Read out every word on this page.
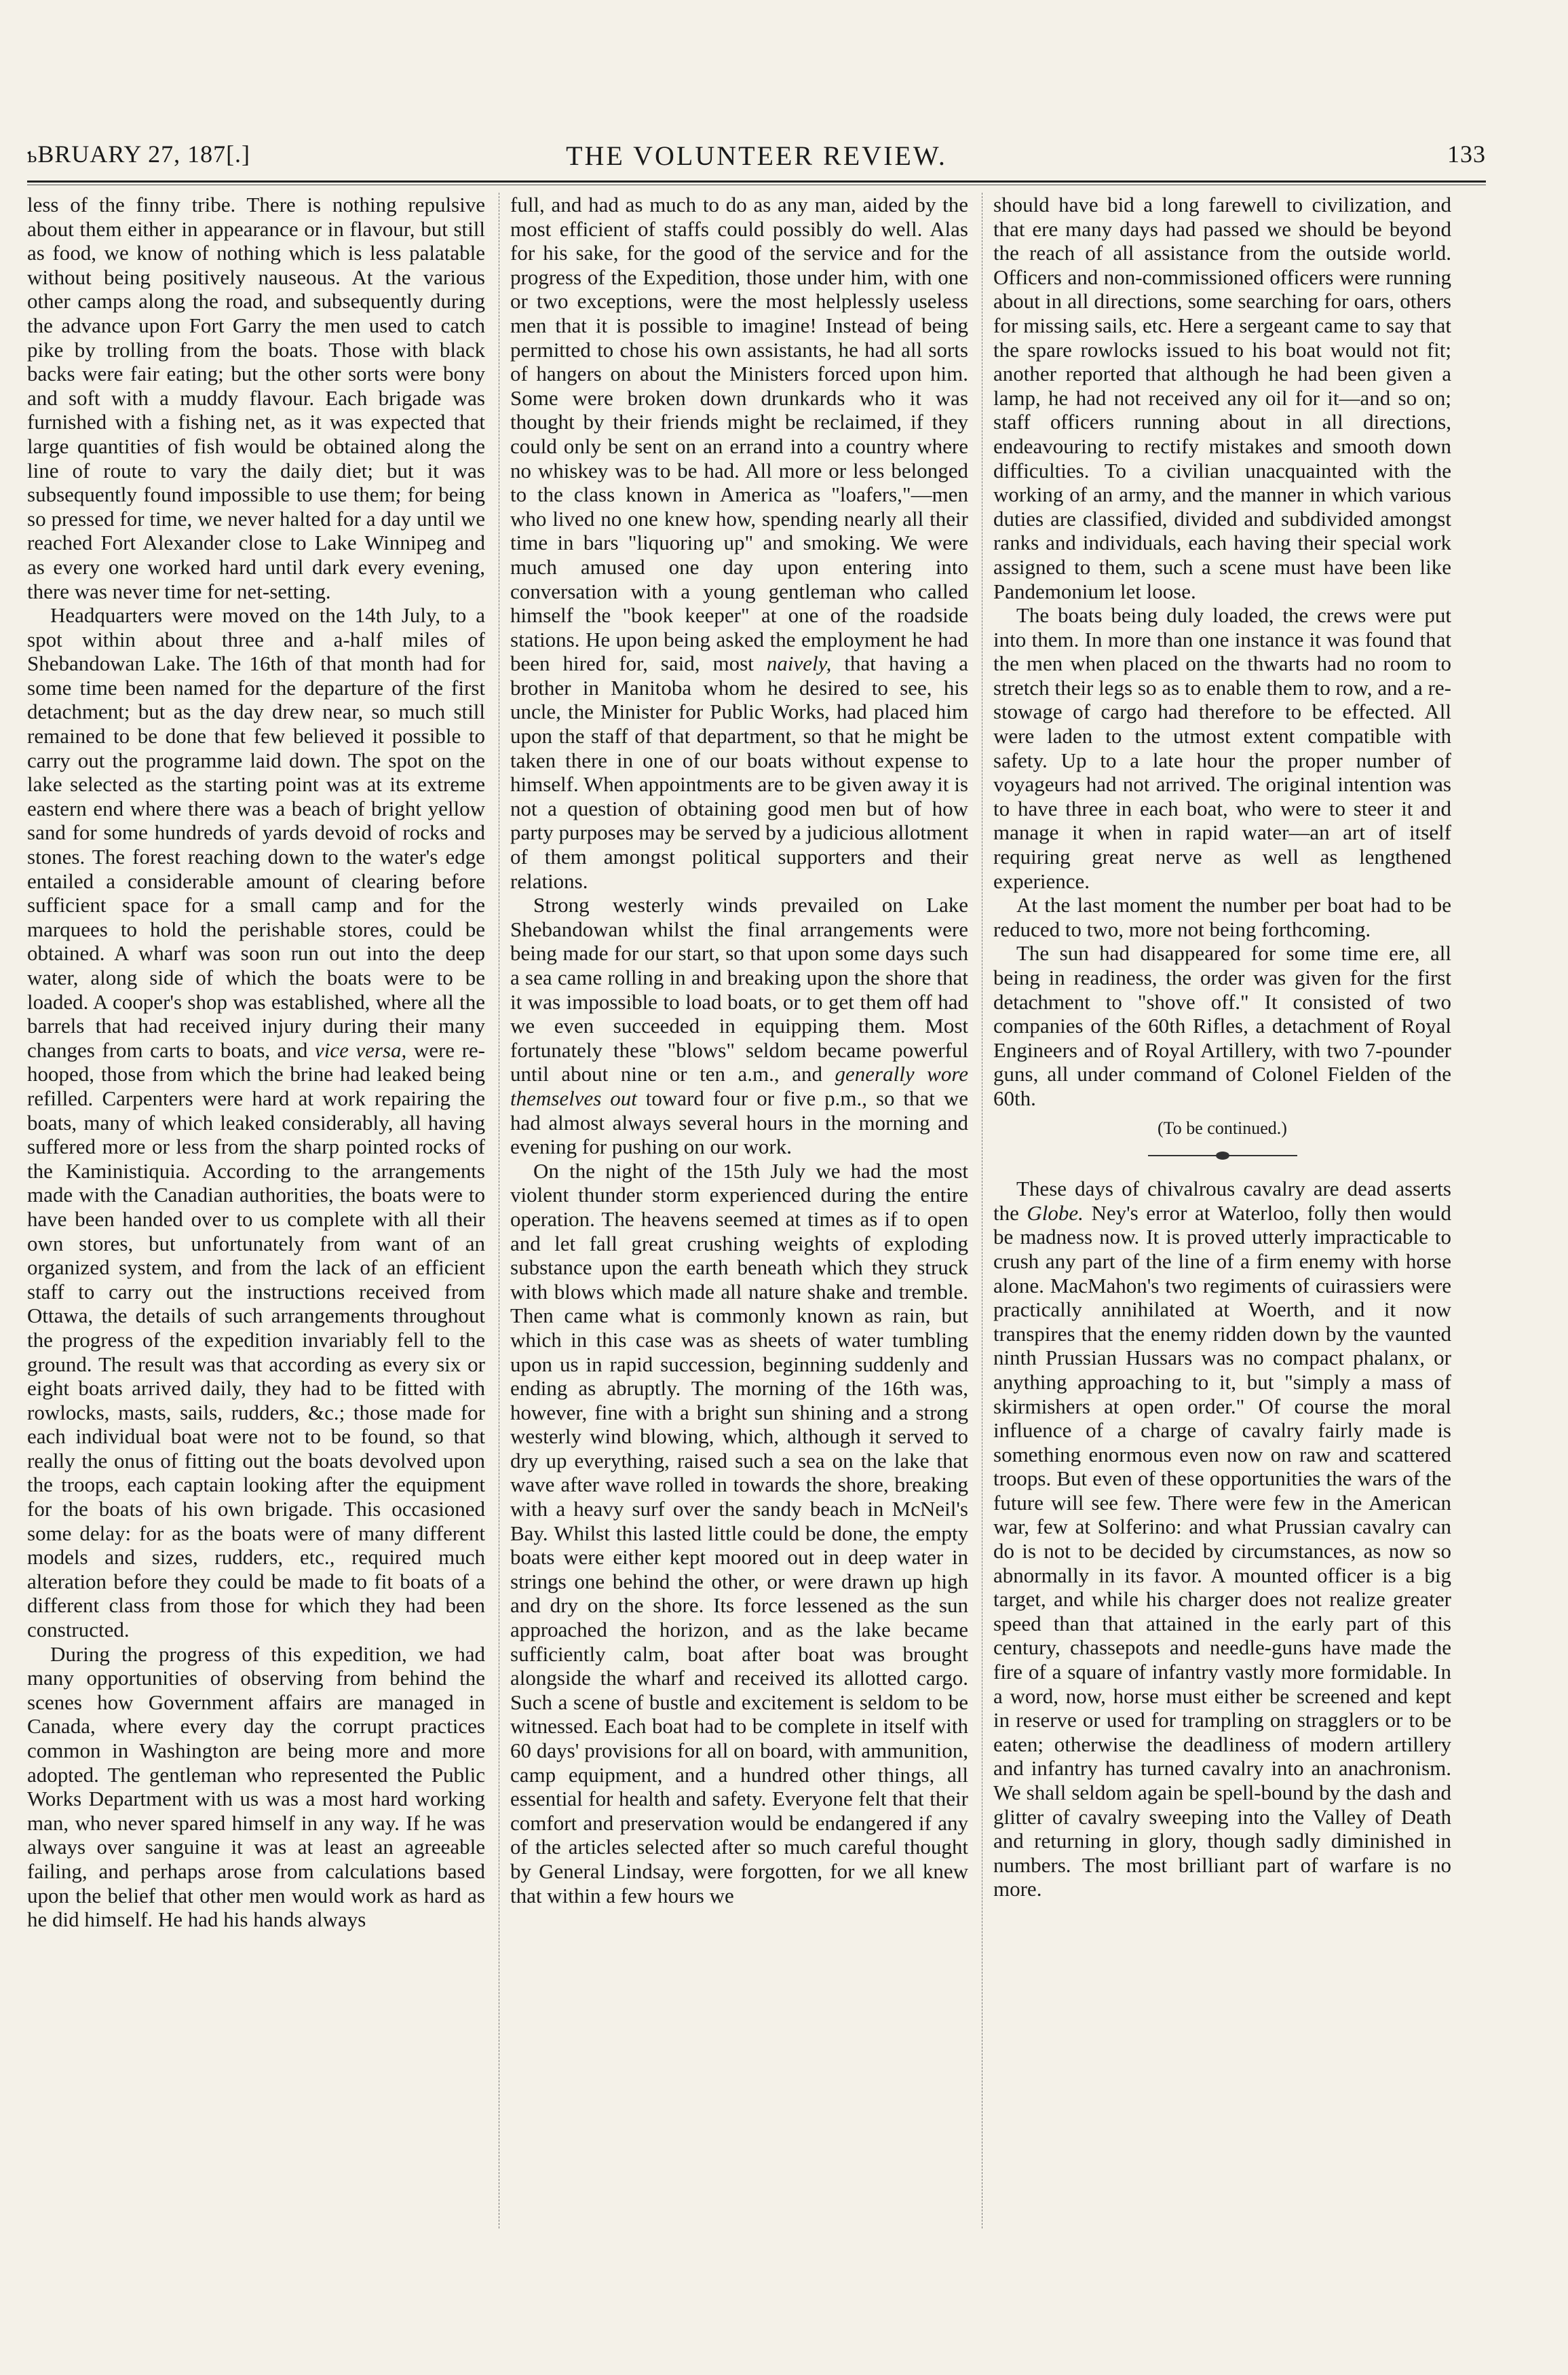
ƅBRUARY 27, 187[.]	THE VOLUNTEER REVIEW.	133

less of the finny tribe. There is nothing repulsive about them either in appearance or in flavour, but still as food, we know of nothing which is less palatable without being positively nauseous. At the various other camps along the road, and subsequently during the advance upon Fort Garry the men used to catch pike by trolling from the boats. Those with black backs were fair eating; but the other sorts were bony and soft with a muddy flavour. Each brigade was furnished with a fishing net, as it was expected that large quantities of fish would be obtained along the line of route to vary the daily diet; but it was subsequently found impossible to use them; for being so pressed for time, we never halted for a day until we reached Fort Alexander close to Lake Winnipeg and as every one worked hard until dark every evening, there was never time for net-setting.

Headquarters were moved on the 14th July, to a spot within about three and a-half miles of Shebandowan Lake. The 16th of that month had for some time been named for the departure of the first detachment; but as the day drew near, so much still remained to be done that few believed it possible to carry out the programme laid down. The spot on the lake selected as the starting point was at its extreme eastern end where there was a beach of bright yellow sand for some hundreds of yards devoid of rocks and stones. The forest reaching down to the water's edge entailed a considerable amount of clearing before sufficient space for a small camp and for the marquees to hold the perishable stores, could be obtained. A wharf was soon run out into the deep water, along side of which the boats were to be loaded. A cooper's shop was established, where all the barrels that had received injury during their many changes from carts to boats, and vice versa, were re-hooped, those from which the brine had leaked being refilled. Carpenters were hard at work repairing the boats, many of which leaked considerably, all having suffered more or less from the sharp pointed rocks of the Kaministiquia. According to the arrangements made with the Canadian authorities, the boats were to have been handed over to us complete with all their own stores, but unfortunately from want of an organized system, and from the lack of an efficient staff to carry out the instructions received from Ottawa, the details of such arrangements throughout the progress of the expedition invariably fell to the ground. The result was that according as every six or eight boats arrived daily, they had to be fitted with rowlocks, masts, sails, rudders, &c.; those made for each individual boat were not to be found, so that really the onus of fitting out the boats devolved upon the troops, each captain looking after the equipment for the boats of his own brigade. This occasioned some delay: for as the boats were of many different models and sizes, rudders, etc., required much alteration before they could be made to fit boats of a different class from those for which they had been constructed.

During the progress of this expedition, we had many opportunities of observing from behind the scenes how Government affairs are managed in Canada, where every day the corrupt practices common in Washington are being more and more adopted. The gentleman who represented the Public Works Department with us was a most hard working man, who never spared himself in any way. If he was always over sanguine it was at least an agreeable failing, and perhaps arose from calculations based upon the belief that other men would work as hard as he did himself. He had his hands always

full, and had as much to do as any man, aided by the most efficient of staffs could possibly do well. Alas for his sake, for the good of the service and for the progress of the Expedition, those under him, with one or two exceptions, were the most helplessly useless men that it is possible to imagine! Instead of being permitted to chose his own assistants, he had all sorts of hangers on about the Ministers forced upon him. Some were broken down drunkards who it was thought by their friends might be reclaimed, if they could only be sent on an errand into a country where no whiskey was to be had. All more or less belonged to the class known in America as "loafers,"—men who lived no one knew how, spending nearly all their time in bars "liquoring up" and smoking. We were much amused one day upon entering into conversation with a young gentleman who called himself the "book keeper" at one of the roadside stations. He upon being asked the employment he had been hired for, said, most naively, that having a brother in Manitoba whom he desired to see, his uncle, the Minister for Public Works, had placed him upon the staff of that department, so that he might be taken there in one of our boats without expense to himself. When appointments are to be given away it is not a question of obtaining good men but of how party purposes may be served by a judicious allotment of them amongst political supporters and their relations.

Strong westerly winds prevailed on Lake Shebandowan whilst the final arrangements were being made for our start, so that upon some days such a sea came rolling in and breaking upon the shore that it was impossible to load boats, or to get them off had we even succeeded in equipping them. Most fortunately these "blows" seldom became powerful until about nine or ten a.m., and generally wore themselves out toward four or five p.m., so that we had almost always several hours in the morning and evening for pushing on our work.

On the night of the 15th July we had the most violent thunder storm experienced during the entire operation. The heavens seemed at times as if to open and let fall great crushing weights of exploding substance upon the earth beneath which they struck with blows which made all nature shake and tremble. Then came what is commonly known as rain, but which in this case was as sheets of water tumbling upon us in rapid succession, beginning suddenly and ending as abruptly. The morning of the 16th was, however, fine with a bright sun shining and a strong westerly wind blowing, which, although it served to dry up everything, raised such a sea on the lake that wave after wave rolled in towards the shore, breaking with a heavy surf over the sandy beach in McNeil's Bay. Whilst this lasted little could be done, the empty boats were either kept moored out in deep water in strings one behind the other, or were drawn up high and dry on the shore. Its force lessened as the sun approached the horizon, and as the lake became sufficiently calm, boat after boat was brought alongside the wharf and received its allotted cargo. Such a scene of bustle and excitement is seldom to be witnessed. Each boat had to be complete in itself with 60 days' provisions for all on board, with ammunition, camp equipment, and a hundred other things, all essential for health and safety. Everyone felt that their comfort and preservation would be endangered if any of the articles selected after so much careful thought by General Lindsay, were forgotten, for we all knew that within a few hours we

should have bid a long farewell to civilization, and that ere many days had passed we should be beyond the reach of all assistance from the outside world. Officers and non-commissioned officers were running about in all directions, some searching for oars, others for missing sails, etc. Here a sergeant came to say that the spare rowlocks issued to his boat would not fit; another reported that although he had been given a lamp, he had not received any oil for it—and so on; staff officers running about in all directions, endeavouring to rectify mistakes and smooth down difficulties. To a civilian unacquainted with the working of an army, and the manner in which various duties are classified, divided and subdivided amongst ranks and individuals, each having their special work assigned to them, such a scene must have been like Pandemonium let loose.

The boats being duly loaded, the crews were put into them. In more than one instance it was found that the men when placed on the thwarts had no room to stretch their legs so as to enable them to row, and a re-stowage of cargo had therefore to be effected. All were laden to the utmost extent compatible with safety. Up to a late hour the proper number of voyageurs had not arrived. The original intention was to have three in each boat, who were to steer it and manage it when in rapid water—an art of itself requiring great nerve as well as lengthened experience.

At the last moment the number per boat had to be reduced to two, more not being forthcoming.

The sun had disappeared for some time ere, all being in readiness, the order was given for the first detachment to "shove off." It consisted of two companies of the 60th Rifles, a detachment of Royal Engineers and of Royal Artillery, with two 7-pounder guns, all under command of Colonel Fielden of the 60th.

(To be continued.)

These days of chivalrous cavalry are dead asserts the Globe. Ney's error at Waterloo, folly then would be madness now. It is proved utterly impracticable to crush any part of the line of a firm enemy with horse alone. MacMahon's two regiments of cuirassiers were practically annihilated at Woerth, and it now transpires that the enemy ridden down by the vaunted ninth Prussian Hussars was no compact phalanx, or anything approaching to it, but "simply a mass of skirmishers at open order." Of course the moral influence of a charge of cavalry fairly made is something enormous even now on raw and scattered troops. But even of these opportunities the wars of the future will see few. There were few in the American war, few at Solferino: and what Prussian cavalry can do is not to be decided by circumstances, as now so abnormally in its favor. A mounted officer is a big target, and while his charger does not realize greater speed than that attained in the early part of this century, chassepots and needle-guns have made the fire of a square of infantry vastly more formidable. In a word, now, horse must either be screened and kept in reserve or used for trampling on stragglers or to be eaten; otherwise the deadliness of modern artillery and infantry has turned cavalry into an anachronism. We shall seldom again be spell-bound by the dash and glitter of cavalry sweeping into the Valley of Death and returning in glory, though sadly diminished in numbers. The most brilliant part of warfare is no more.
